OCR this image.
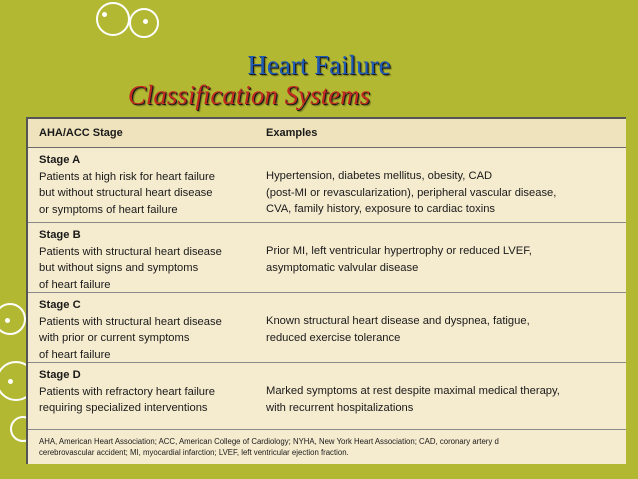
Heart Failure
Classification Systems
AHA/ACC Stage	Examples
Stage A
Patients at high risk for heart failure
but without structural heart disease
or symptoms of heart failure
Hypertension, diabetes mellitus, obesity, CAD
(post-MI or revascularization), peripheral vascular disease,
CVA, family history, exposure to cardiac toxins
Stage B
Patients with structural heart disease
but without signs and symptoms
of heart failure
Prior MI, left ventricular hypertrophy or reduced LVEF,
asymptomatic valvular disease
Stage C
Patients with structural heart disease
with prior or current symptoms
of heart failure
Known structural heart disease and dyspnea, fatigue,
reduced exercise tolerance
Stage D
Patients with refractory heart failure
requiring specialized interventions
Marked symptoms at rest despite maximal medical therapy,
with recurrent hospitalizations
AHA, American Heart Association; ACC, American College of Cardiology; NYHA, New York Heart Association; CAD, coronary artery d
cerebrovascular accident; MI, myocardial infarction; LVEF, left ventricular ejection fraction.
